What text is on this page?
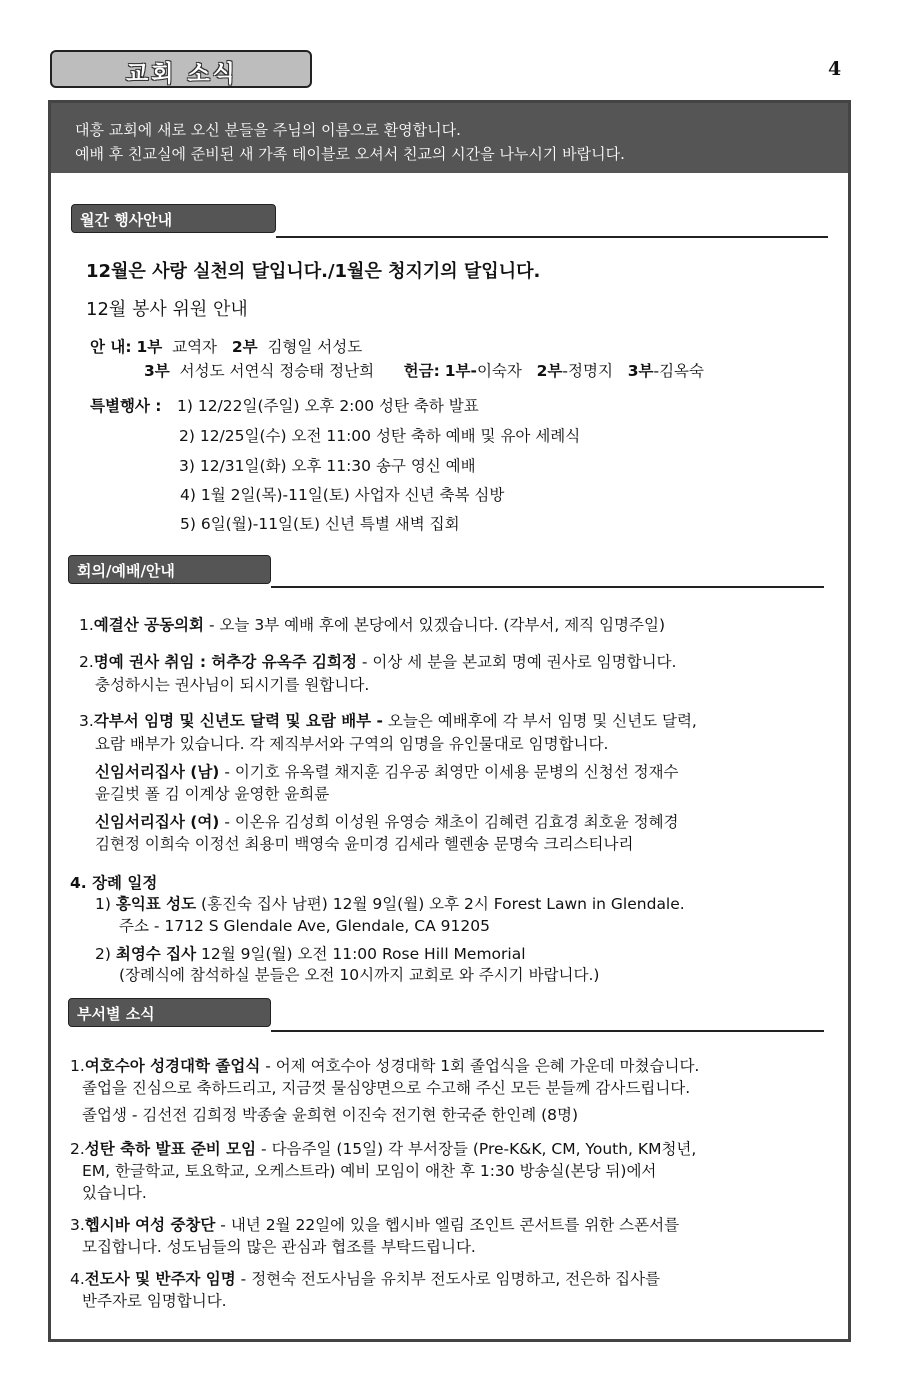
교회 소식	4
대흥 교회에 새로 오신 분들을 주님의 이름으로 환영합니다.
예배 후 친교실에 준비된 새 가족 테이블로 오셔서 친교의 시간을 나누시기 바랍니다.
월간 행사안내
12월은 사랑 실천의 달입니다./1월은 청지기의 달입니다.
12월 봉사 위원 안내
안 내: 1부 교역자 2부 김형일 서성도
3부 서성도 서연식 정승태 정난희 헌금: 1부-이숙자 2부-정명지 3부-김옥숙
특별행사 : 1) 12/22일(주일) 오후 2:00 성탄 축하 발표
2) 12/25일(수) 오전 11:00 성탄 축하 예배 및 유아 세례식
3) 12/31일(화) 오후 11:30 송구 영신 예배
4) 1월 2일(목)-11일(토) 사업자 신년 축복 심방
5) 6일(월)-11일(토) 신년 특별 새벽 집회
회의/예배/안내
1.예결산 공동의회 - 오늘 3부 예배 후에 본당에서 있겠습니다. (각부서, 제직 임명주일)
2.명예 권사 취임 : 허추강 유옥주 김희정 - 이상 세 분을 본교회 명예 권사로 임명합니다.
충성하시는 권사님이 되시기를 원합니다.
3.각부서 임명 및 신년도 달력 및 요람 배부 - 오늘은 예배후에 각 부서 임명 및 신년도 달력,
요람 배부가 있습니다. 각 제직부서와 구역의 임명을 유인물대로 임명합니다.
신임서리집사 (남) - 이기호 유옥렬 채지훈 김우공 최영만 이세용 문병의 신청선 정재수
윤길벗 폴 김 이계상 윤영한 윤희륜
신임서리집사 (여) - 이온유 김성희 이성원 유영승 채초이 김혜련 김효경 최호윤 정혜경
김현정 이희숙 이정선 최용미 백영숙 윤미경 김세라 헬렌송 문명숙 크리스티나리
4. 장례 일정
1) 홍익표 성도 (홍진숙 집사 남편) 12월 9일(월) 오후 2시 Forest Lawn in Glendale.
주소 - 1712 S Glendale Ave, Glendale, CA 91205
2) 최영수 집사 12월 9일(월) 오전 11:00 Rose Hill Memorial
(장례식에 참석하실 분들은 오전 10시까지 교회로 와 주시기 바랍니다.)
부서별 소식
1.여호수아 성경대학 졸업식 - 어제 여호수아 성경대학 1회 졸업식을 은혜 가운데 마쳤습니다.
졸업을 진심으로 축하드리고, 지금껏 물심양면으로 수고해 주신 모든 분들께 감사드립니다.
졸업생 - 김선전 김희정 박종술 윤희현 이진숙 전기현 한국준 한인례 (8명)
2.성탄 축하 발표 준비 모임 - 다음주일 (15일) 각 부서장들 (Pre-K&K, CM, Youth, KM청년,
EM, 한글학교, 토요학교, 오케스트라) 예비 모임이 애찬 후 1:30 방송실(본당 뒤)에서
있습니다.
3.헵시바 여성 중창단 - 내년 2월 22일에 있을 헵시바 엘림 조인트 콘서트를 위한 스폰서를
모집합니다. 성도님들의 많은 관심과 협조를 부탁드립니다.
4.전도사 및 반주자 임명 - 정현숙 전도사님을 유치부 전도사로 임명하고, 전은하 집사를
반주자로 임명합니다.
